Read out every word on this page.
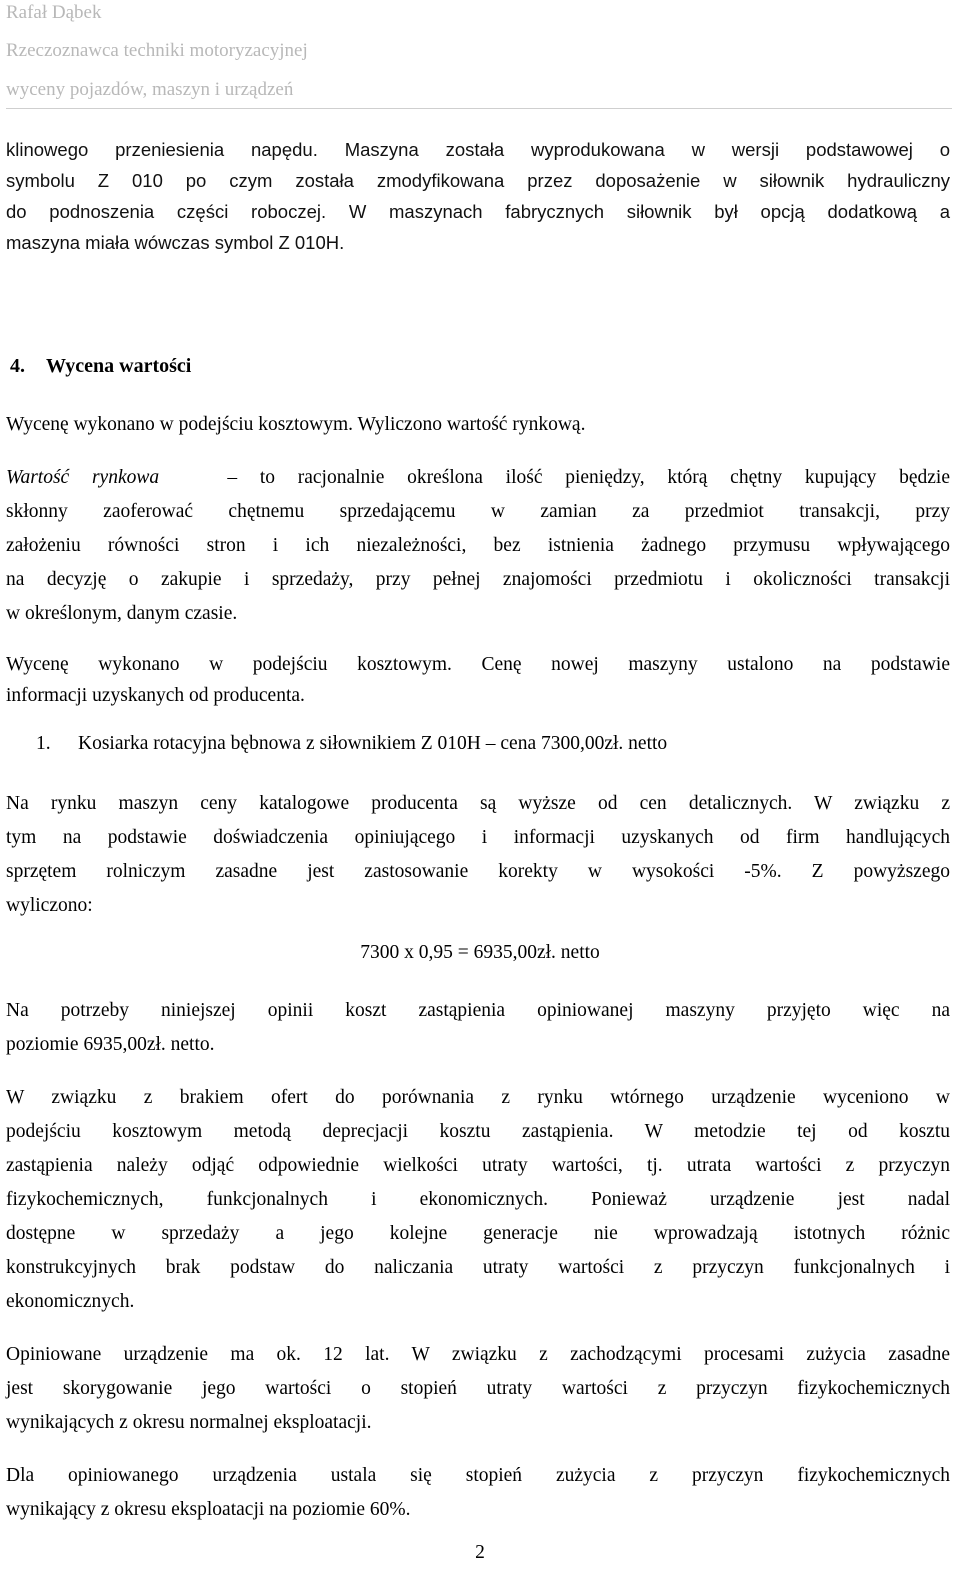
Rafał Dąbek
Rzeczoznawca techniki motoryzacyjnej
wyceny pojazdów, maszyn i urządzeń

klinowego przeniesienia napędu. Maszyna została wyprodukowana w wersji podstawowej o

symbolu Z 010 po czym została zmodyfikowana przez doposażenie w siłownik hydrauliczny

do podnoszenia części roboczej. W maszynach fabrycznych siłownik był opcją dodatkową a

maszyna miała wówczas symbol Z 010H.

4. Wycena wartości

Wycenę wykonano w podejściu kosztowym. Wyliczono wartość rynkową.

Wartość rynkowa	– to racjonalnie określona ilość pieniędzy, którą chętny kupujący będzie

skłonny zaoferować chętnemu sprzedającemu w zamian za przedmiot transakcji, przy

założeniu równości stron i ich niezależności, bez istnienia żadnego przymusu wpływającego

na decyzję o zakupie i sprzedaży, przy pełnej znajomości przedmiotu i okoliczności transakcji

w określonym, danym czasie.

Wycenę wykonano w podejściu kosztowym. Cenę nowej maszyny ustalono na podstawie

informacji uzyskanych od producenta.

1. Kosiarka rotacyjna bębnowa z siłownikiem Z 010H – cena 7300,00zł. netto

Na rynku maszyn ceny katalogowe producenta są wyższe od cen detalicznych. W związku z

tym na podstawie doświadczenia opiniującego i informacji uzyskanych od firm handlujących

sprzętem rolniczym zasadne jest zastosowanie korekty w wysokości -5%. Z powyższego

wyliczono:

7300 x 0,95 = 6935,00zł. netto

Na potrzeby niniejszej opinii koszt zastąpienia opiniowanej maszyny przyjęto więc na

poziomie 6935,00zł. netto.

W związku z brakiem ofert do porównania z rynku wtórnego urządzenie wyceniono w

podejściu kosztowym metodą deprecjacji kosztu zastąpienia. W metodzie tej od kosztu

zastąpienia należy odjąć odpowiednie wielkości utraty wartości, tj. utrata wartości z przyczyn

fizykochemicznych, funkcjonalnych i ekonomicznych. Ponieważ urządzenie jest nadal

dostępne w sprzedaży a jego kolejne generacje nie wprowadzają istotnych różnic

konstrukcyjnych brak podstaw do naliczania utraty wartości z przyczyn funkcjonalnych i

ekonomicznych.

Opiniowane urządzenie ma ok. 12 lat. W związku z zachodzącymi procesami zużycia zasadne

jest skorygowanie jego wartości o stopień utraty wartości z przyczyn fizykochemicznych

wynikających z okresu normalnej eksploatacji.

Dla opiniowanego urządzenia ustala się stopień zużycia z przyczyn fizykochemicznych

wynikający z okresu eksploatacji na poziomie 60%.

2
